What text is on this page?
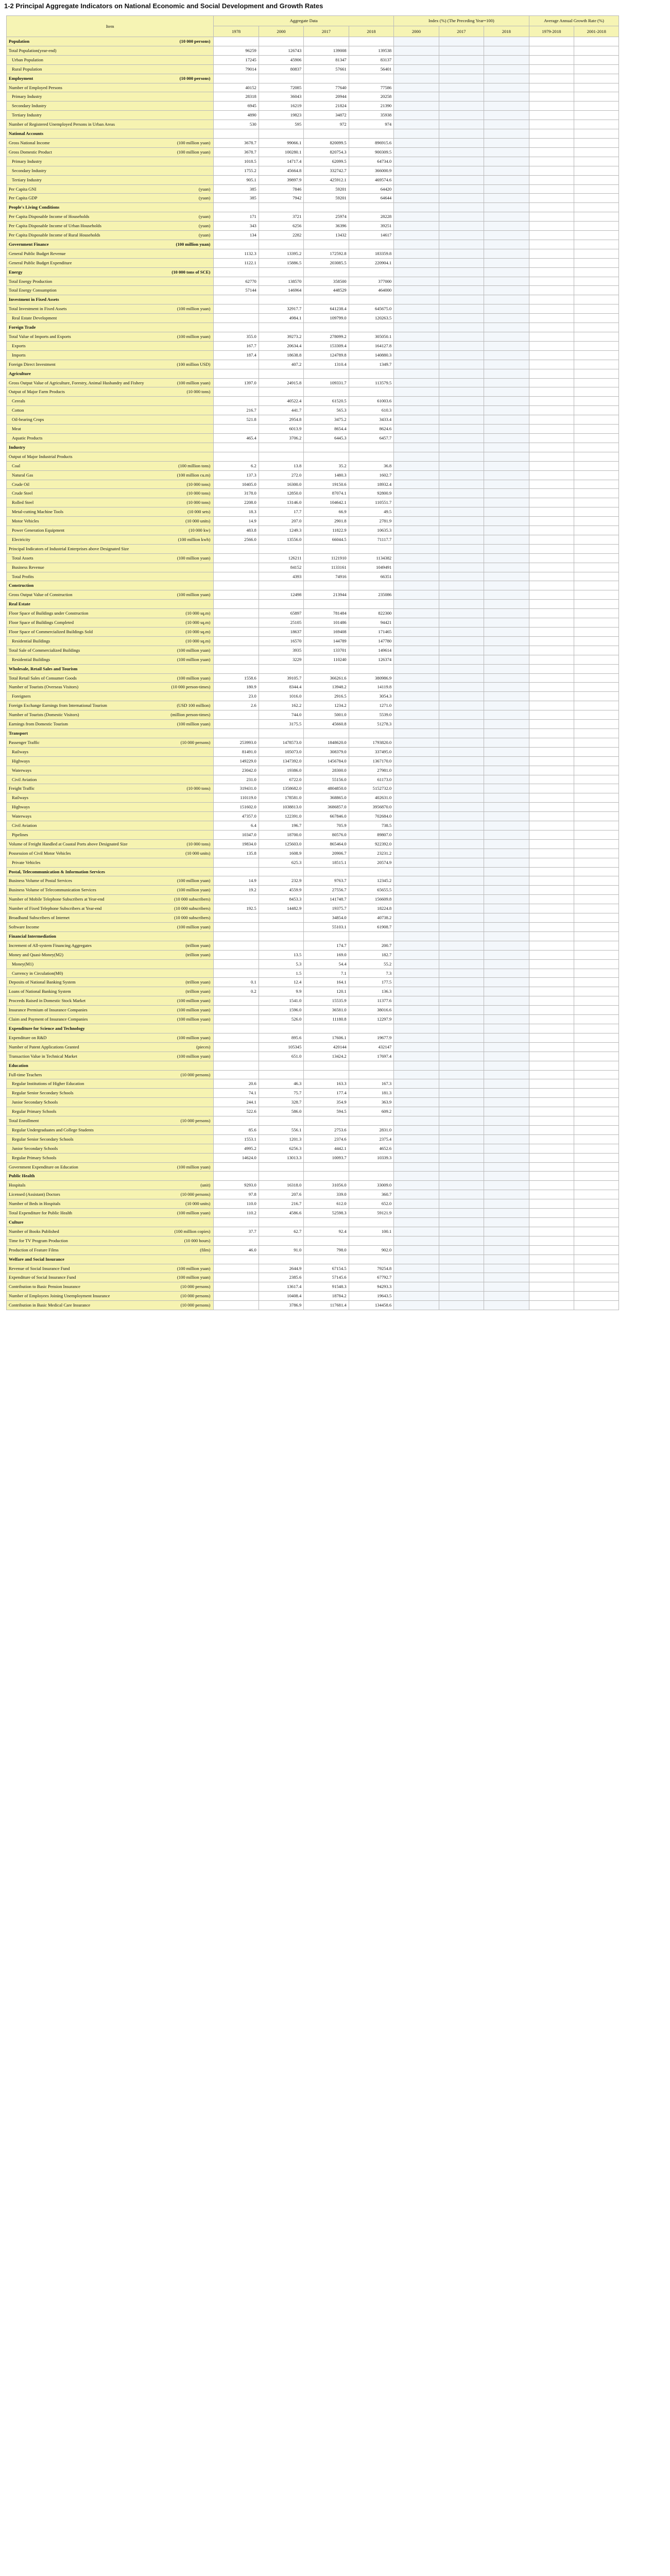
1-2 Principal Aggregate Indicators on National Economic and Social Development and Growth Rates
Item	Aggregate Data				Index (%) (The Preceding Year=100)			Average Annual Growth Rate (%)	
	1978	2000	2017	2018	2000	2017	2018	1979-2018	2001-2018
Population (10 000 persons)									

Total Population(year-end)	96259	126743	139008	139538					
Urban Population	17245	45906	81347	83137					
Rural Population	79014	80837	57661	56401					
Employment (10 000 persons)									

Number of Employed Persons	40152	72085	77640	77586					
Primary Industry	28318	36043	20944	20258					
Secondary Industry	6945	16219	21824	21390					
Tertiary Industry	4890	19823	34872	35938					
Number of Registered Unemployed Persons in Urban Areas	530	595	972	974					
National Accounts									
Gross National Income (100 million yuan)	3678.7	99066.1	820099.5	896915.6					
Gross Domestic Product (100 million yuan)	3678.7	100280.1	820754.3	900309.5					
Primary Industry	1018.5	14717.4	62099.5	64734.0					
Secondary Industry	1755.2	45664.8	332742.7	366000.9					
Tertiary Industry	905.1	39897.9	425912.1	469574.6					
Per Capita GNI (yuan)	385	7846	59201	64420					
Per Capita GDP (yuan)	385	7942	59201	64644					
People's Living Conditions									
Per Capita Disposable Income of Households (yuan)	171	3721	25974	28228					
Per Capita Disposable Income of Urban Households (yuan)	343	6256	36396	39251					
Per Capita Disposable Income of Rural Households (yuan)	134	2282	13432	14617					
Government Finance (100 million yuan)									

General Public Budget Revenue	1132.3	13395.2	172592.8	183359.8					
General Public Budget Expenditure	1122.1	15886.5	203085.5	220904.1					
Energy (10 000 tons of SCE)									

Total Energy Production	62770	138570	358500	377000					
Total Energy Consumption	57144	146964	448529	464000					
Investment in Fixed Assets									
Total Investment in Fixed Assets (100 million yuan)		32917.7	641238.4	645675.0					
Real Estate Development		4984.1	109799.0	120263.5					
Foreign Trade									
Total Value of Imports and Exports (100 million yuan)	355.0	39273.2	278099.2	305050.1					
Exports	167.7	20634.4	153309.4	164127.8					
Imports	187.4	18638.8	124789.8	140880.3					
Foreign Direct Investment (100 million USD)		407.2	1310.4	1349.7					
Agriculture									
Gross Output Value of Agriculture, Forestry, Animal Husbandry and Fishery (100 million yuan)	1397.0	24915.8	109331.7	113579.5					
Output of Major Farm Products (10 000 tons)									

Cereals		40522.4	61520.5	61003.6					
Cotton	216.7	441.7	565.3	610.3					
Oil-bearing Crops	521.8	2954.8	3475.2	3433.4					
Meat		6013.9	8654.4	8624.6					
Aquatic Products	465.4	3706.2	6445.3	6457.7					
Industry									
Output of Major Industrial Products									
Coal (100 million tons)	6.2	13.8	35.2	36.8					
Natural Gas (100 million cu.m)	137.3	272.0	1480.3	1602.7					
Crude Oil (10 000 tons)	10405.0	16300.0	19150.6	18932.4					
Crude Steel (10 000 tons)	3178.0	12850.0	87074.1	92800.9					
Rolled Steel (10 000 tons)	2208.0	13146.0	104642.1	110551.7					
Metal-cutting Machine Tools (10 000 sets)	18.3	17.7	66.9	49.5					
Motor Vehicles (10 000 units)	14.9	207.0	2901.8	2781.9					
Power Generation Equipment (10 000 kw)	483.8	1249.3	11822.9	10635.3					
Electricity (100 million kwh)	2566.0	13556.0	66044.5	71117.7					
Principal Indicators of Industrial Enterprises above Designated Size									
Total Assets (100 million yuan)		126211	1121910	1134382					
Business Revenue		84152	1133161	1049491					
Total Profits		4393	74916	66351					
Construction									
Gross Output Value of Construction (100 million yuan)		12498	213944	235086					
Real Estate									
Floor Space of Buildings under Construction (10 000 sq.m)		65897	781484	822300					
Floor Space of Buildings Completed (10 000 sq.m)		25105	101486	94421					
Floor Space of Commercialized Buildings Sold (10 000 sq.m)		18637	169408	171465					
Residential Buildings (10 000 sq.m)		16570	144789	147780					
Total Sale of Commercialized Buildings (100 million yuan)		3935	133701	149614					
Residential Buildings (100 million yuan)		3229	110240	126374					
Wholesale, Retail Sales and Tourism									
Total Retail Sales of Consumer Goods (100 million yuan)	1558.6	39105.7	366261.6	380986.9					
Number of Tourists (Overseas Visitors) (10 000 person-times)	180.9	8344.4	13948.2	14119.8					
Foreigners	23.0	1016.0	2916.5	3054.3					
Foreign Exchange Earnings from International Tourism (USD 100 million)	2.6	162.2	1234.2	1271.0					
Number of Tourists (Domestic Visitors) (million person-times)		744.0	5001.0	5539.0					
Earnings from Domestic Tourism (100 million yuan)		3175.5	45660.8	51278.3					
Transport									
Passenger Traffic (10 000 persons)	253993.0	1478573.0	1848620.0	1793820.0					
Railways	81491.0	105073.0	308379.0	337495.0					
Highways	149229.0	1347392.0	1456784.0	1367170.0					
Waterways	23042.0	19386.0	28300.0	27981.0					
Civil Aviation	231.0	6722.0	55156.0	61173.0					
Freight Traffic (10 000 tons)	319431.0	1358682.0	4804850.0	5152732.0					
Railways	110119.0	178581.0	368865.0	402631.0					
Highways	151602.0	1038813.0	3686857.0	3956870.0					
Waterways	47357.0	122391.0	667846.0	702684.0					
Civil Aviation	6.4	196.7	705.9	738.5					
Pipelines	10347.0	18700.0	80576.0	89807.0					
Volume of Freight Handled at Coastal Ports above Designated Size (10 000 tons)	19834.0	125603.0	865464.0	922392.0					
Possession of Civil Motor Vehicles (10 000 units)	135.8	1608.9	20906.7	23231.2					
Private Vehicles		625.3	18515.1	20574.9					
Postal, Telecommunication & Information Services									
Business Volume of Postal Services (100 million yuan)	14.9	232.9	9763.7	12345.2					
Business Volume of Telecommunication Services (100 million yuan)	19.2	4559.9	27556.7	65655.5					
Number of Mobile Telephone Subscribers at Year-end (10 000 subscribers)		8453.3	141748.7	156609.8					
Number of Fixed Telephone Subscribers at Year-end (10 000 subscribers)	192.5	14482.9	19375.7	18224.8					
Broadband Subscribers of Internet (10 000 subscribers)			34854.0	40738.2					
Software Income (100 million yuan)			55103.1	61908.7					
Financial Intermediation									
Increment of All-system Financing Aggregates (trillion yuan)			174.7	200.7					
Money and Quasi-Money(M2) (trillion yuan)		13.5	169.0	182.7					
Money(M1)		5.3	54.4	55.2					
Currency in Circulation(M0)		1.5	7.1	7.3					
Deposits of National Banking System (trillion yuan)	0.1	12.4	164.1	177.5					
Loans of National Banking System (trillion yuan)	0.2	9.9	120.1	136.3					
Proceeds Raised in Domestic Stock Market (100 million yuan)		1541.0	15535.9	11377.6					
Insurance Premium of Insurance Companies (100 million yuan)		1596.0	36581.0	38016.6					
Claim and Payment of Insurance Companies (100 million yuan)		526.0	11180.8	12297.9					
Expenditure for Science and Technology									
Expenditure on R&D (100 million yuan)		895.6	17606.1	19677.9					
Number of Patent Applications Granted (pieces)		105345	420144	432147					
Transaction Value in Technical Market (100 million yuan)		651.0	13424.2	17697.4					
Education									
Full-time Teachers (10 000 persons)									

Regular Institutions of Higher Education	20.6	46.3	163.3	167.3					
Regular Senior Secondary Schools	74.1	75.7	177.4	181.3					
Junior Secondary Schools	244.1	328.7	354.9	363.9					
Regular Primary Schools	522.6	586.0	594.5	609.2					
Total Enrollment (10 000 persons)									

Regular Undergraduates and College Students	85.6	556.1	2753.6	2831.0					
Regular Senior Secondary Schools	1553.1	1201.3	2374.6	2375.4					
Junior Secondary Schools	4995.2	6256.3	4442.1	4652.6					
Regular Primary Schools	14624.0	13013.3	10093.7	10339.3					
Government Expenditure on Education (100 million yuan)									

Public Health									
Hospitals (unit)	9293.0	16318.0	31056.0	33009.0					
Licensed (Assistant) Doctors (10 000 persons)	97.8	207.6	339.0	360.7					
Number of Beds in Hospitals (10 000 units)	110.0	216.7	612.0	652.0					
Total Expenditure for Public Health (100 million yuan)	110.2	4586.6	52598.3	59121.9					
Culture									
Number of Books Published (100 million copies)	37.7	62.7	92.4	100.1					
Time for TV Program Production (10 000 hours)									

Production of Feature Films (film)	46.0	91.0	798.0	902.0					
Welfare and Social Insurance									
Revenue of Social Insurance Fund (100 million yuan)		2644.9	67154.5	79254.8					
Expenditure of Social Insurance Fund (100 million yuan)		2385.6	57145.6	67792.7					
Contribution to Basic Pension Insurance (10 000 persons)		13617.4	91548.3	94293.3					
Number of Employees Joining Unemployment Insurance (10 000 persons)		10408.4	18784.2	19643.5					
Contribution in Basic Medical Care Insurance (10 000 persons)		3786.9	117681.4	134458.6					
